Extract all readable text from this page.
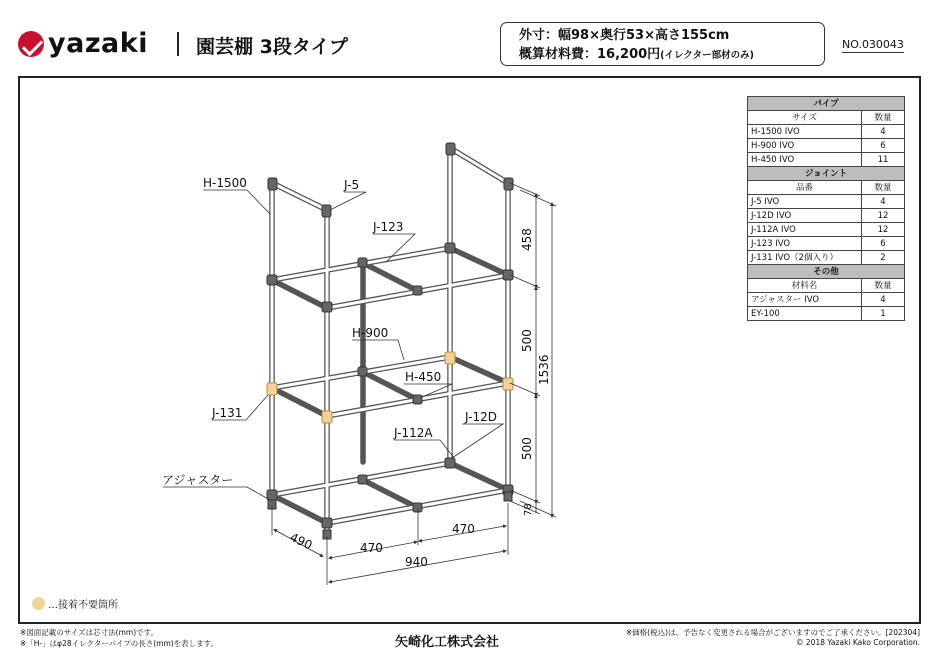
yazaki	園芸棚 3段タイプ
外寸：幅98×奥行53×高さ155cm
概算材料費：16,200円(イレクター部材のみ)
NO.030043
H-1500	J-5
J-123
H-900
H-450
J-131
J-112A
J-12D
アジャスター
458
500
500
78
1536
490	470
470
940
パイプ	
サイズ	数量
H-1500 IVO	4
H-900 IVO	6
H-450 IVO	11
ジョイント	
品番	数量
J-5 IVO	4
J-12D IVO	12
J-112A IVO	12
J-123 IVO	6
J-131 IVO（2個入り）	2
その他	
材料名	数量
アジャスター IVO	4
EY-100	1
…接着不要箇所
※図面記載のサイズは芯寸法(mm)です。
※「H-」はφ28イレクターパイプの長さ(mm)を表します。	矢崎化工株式会社
※価格(税込)は、予告なく変更される場合がございますのでご了承ください。[202304]
© 2018 Yazaki Kako Corporation.
